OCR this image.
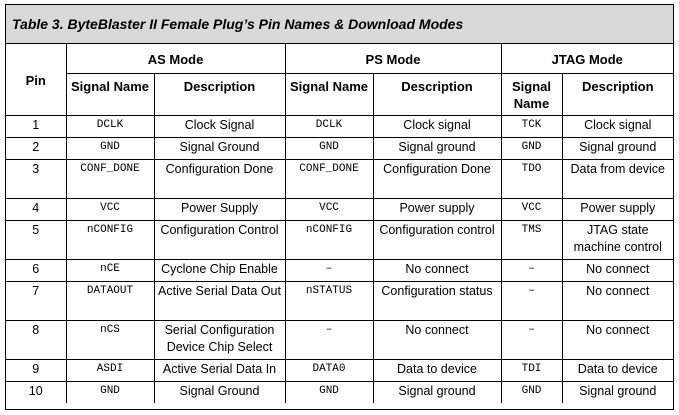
Table 3. ByteBlaster II Female Plug’s Pin Names & Download Modes
Pin	AS Mode		PS Mode		JTAG Mode	
	Signal Name	Description	Signal Name	Description	Signal Name	Description
1	DCLK	Clock Signal	DCLK	Clock signal	TCK	Clock signal
2	GND	Signal Ground	GND	Signal ground	GND	Signal ground
3	CONF_DONE	Configuration Done	CONF_DONE	Configuration Done	TDO	Data from device
4	VCC	Power Supply	VCC	Power supply	VCC	Power supply
5	nCONFIG	Configuration Control	nCONFIG	Configuration control	TMS	JTAG state machine control
6	nCE	Cyclone Chip Enable	–	No connect	–	No connect
7	DATAOUT	Active Serial Data Out	nSTATUS	Configuration status	–	No connect
8	nCS	Serial Configuration Device Chip Select	–	No connect	–	No connect
9	ASDI	Active Serial Data In	DATA0	Data to device	TDI	Data to device
10	GND	Signal Ground	GND	Signal ground	GND	Signal ground
